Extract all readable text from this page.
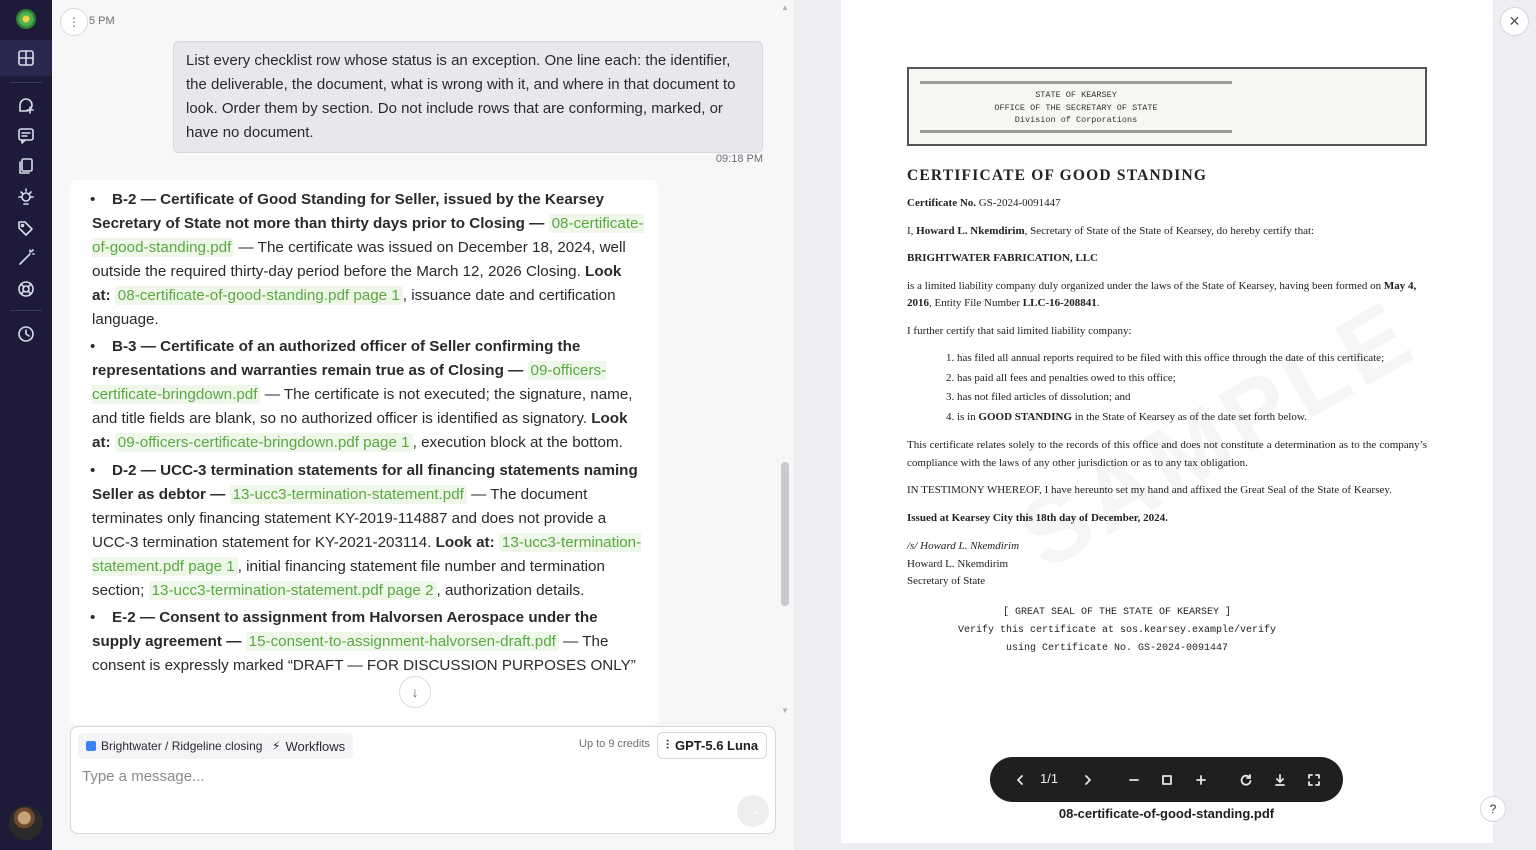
⋮ 5 PM
▲
List every checklist row whose status is an exception. One line each: the identifier, the deliverable, the document, what is wrong with it, and where in that document to look. Order them by section. Do not include rows that are conforming, marked, or have no document.
09:18 PM
• B-2 — Certificate of Good Standing for Seller, issued by the Kearsey Secretary of State not more than thirty days prior to Closing — 08-certificate-of-good-standing.pdf — The certificate was issued on December 18, 2024, well outside the required thirty-day period before the March 12, 2026 Closing. Look at: 08-certificate-of-good-standing.pdf page 1 , issuance date and certification language.
• B-3 — Certificate of an authorized officer of Seller confirming the representations and warranties remain true as of Closing — 09-officers-certificate-bringdown.pdf — The certificate is not executed; the signature, name, and title fields are blank, so no authorized officer is identified as signatory. Look at: 09-officers-certificate-bringdown.pdf page 1 , execution block at the bottom.
• D-2 — UCC-3 termination statements for all financing statements naming Seller as debtor — 13-ucc3-termination-statement.pdf — The document terminates only financing statement KY-2019-114887 and does not provide a UCC-3 termination statement for KY-2021-203114. Look at: 13-ucc3-termination-statement.pdf page 1 , initial financing statement file number and termination section; 13-ucc3-termination-statement.pdf page 2 , authorization details.
• E-2 — Consent to assignment from Halvorsen Aerospace under the supply agreement — 15-consent-to-assignment-halvorsen-draft.pdf — The consent is expressly marked “DRAFT — FOR DISCUSSION PURPOSES ONLY”
▼
↓
Brightwater / Ridgeline closing ⚡ Workflows	Up to 9 credits ⫶ GPT-5.6 Luna
Type a message...
→
✕
STATE OF KEARSEY
OFFICE OF THE SECRETARY OF STATE
Division of Corporations
CERTIFICATE OF GOOD STANDING

Certificate No. GS-2024-0091447

I, Howard L. Nkemdirim, Secretary of State of the State of Kearsey, do hereby certify that:

BRIGHTWATER FABRICATION, LLC

is a limited liability company duly organized under the laws of the State of Kearsey, having been formed on May 4, 2016, Entity File Number LLC-16-208841.

I further certify that said limited liability company:

1. has filed all annual reports required to be filed with this office through the date of this certificate;
2. has paid all fees and penalties owed to this office;
3. has not filed articles of dissolution; and
4. is in GOOD STANDING in the State of Kearsey as of the date set forth below.

This certificate relates solely to the records of this office and does not constitute a determination as to the company’s compliance with the laws of any other jurisdiction or as to any tax obligation.

IN TESTIMONY WHEREOF, I have hereunto set my hand and affixed the Great Seal of the State of Kearsey.

Issued at Kearsey City this 18th day of December, 2024.

/s/ Howard L. Nkemdirim
Howard L. Nkemdirim
Secretary of State
[ GREAT SEAL OF THE STATE OF KEARSEY ]
Verify this certificate at sos.kearsey.example/verify
using Certificate No. GS-2024-0091447
1/1
08-certificate-of-good-standing.pdf	?
